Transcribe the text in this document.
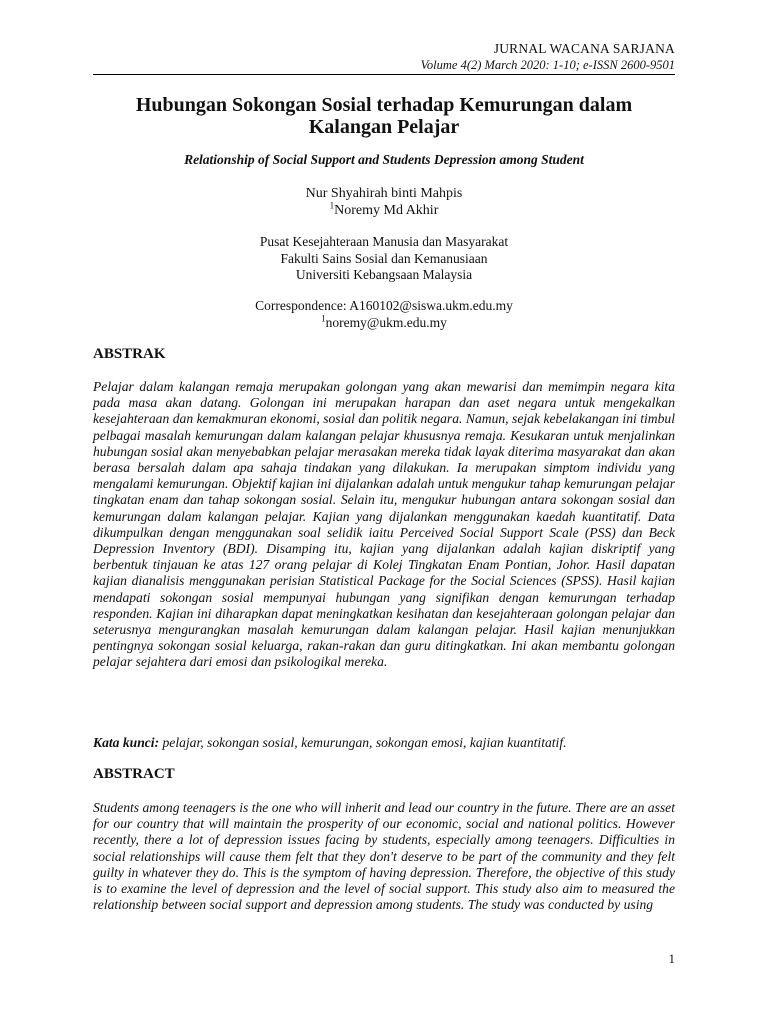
JURNAL WACANA SARJANA
Volume 4(2) March 2020: 1-10; e-ISSN 2600-9501
Hubungan Sokongan Sosial terhadap Kemurungan dalam
Kalangan Pelajar
Relationship of Social Support and Students Depression among Student
Nur Shyahirah binti Mahpis
$^1$Noremy Md Akhir
Pusat Kesejahteraan Manusia dan Masyarakat
Fakulti Sains Sosial dan Kemanusiaan
Universiti Kebangsaan Malaysia
Correspondence: A160102@siswa.ukm.edu.my
$^1$noremy@ukm.edu.my
ABSTRAK
Pelajar dalam kalangan remaja merupakan golongan yang akan mewarisi dan memimpin negara kita pada masa akan datang. Golongan ini merupakan harapan dan aset negara untuk mengekalkan kesejahteraan dan kemakmuran ekonomi, sosial dan politik negara. Namun, sejak kebelakangan ini timbul pelbagai masalah kemurungan dalam kalangan pelajar khususnya remaja. Kesukaran untuk menjalinkan hubungan sosial akan menyebabkan pelajar merasakan mereka tidak layak diterima masyarakat dan akan berasa bersalah dalam apa sahaja tindakan yang dilakukan. Ia merupakan simptom individu yang mengalami kemurungan. Objektif kajian ini dijalankan adalah untuk mengukur tahap kemurungan pelajar tingkatan enam dan tahap sokongan sosial. Selain itu, mengukur hubungan antara sokongan sosial dan kemurungan dalam kalangan pelajar. Kajian yang dijalankan menggunakan kaedah kuantitatif. Data dikumpulkan dengan menggunakan soal selidik iaitu Perceived Social Support Scale (PSS) dan Beck Depression Inventory (BDI). Disamping itu, kajian yang dijalankan adalah kajian diskriptif yang berbentuk tinjauan ke atas 127 orang pelajar di Kolej Tingkatan Enam Pontian, Johor. Hasil dapatan kajian dianalisis menggunakan perisian Statistical Package for the Social Sciences (SPSS). Hasil kajian mendapati sokongan sosial mempunyai hubungan yang signifikan dengan kemurungan terhadap responden. Kajian ini diharapkan dapat meningkatkan kesihatan dan kesejahteraan golongan pelajar dan seterusnya mengurangkan masalah kemurungan dalam kalangan pelajar. Hasil kajian menunjukkan pentingnya sokongan sosial keluarga, rakan-rakan dan guru ditingkatkan. Ini akan membantu golongan pelajar sejahtera dari emosi dan psikologikal mereka.
Kata kunci: pelajar, sokongan sosial, kemurungan, sokongan emosi, kajian kuantitatif.
ABSTRACT
Students among teenagers is the one who will inherit and lead our country in the future. There are an asset for our country that will maintain the prosperity of our economic, social and national politics. However recently, there a lot of depression issues facing by students, especially among teenagers. Difficulties in social relationships will cause them felt that they don't deserve to be part of the community and they felt guilty in whatever they do. This is the symptom of having depression. Therefore, the objective of this study is to examine the level of depression and the level of social support. This study also aim to measured the relationship between social support and depression among students. The study was conducted by using
1
